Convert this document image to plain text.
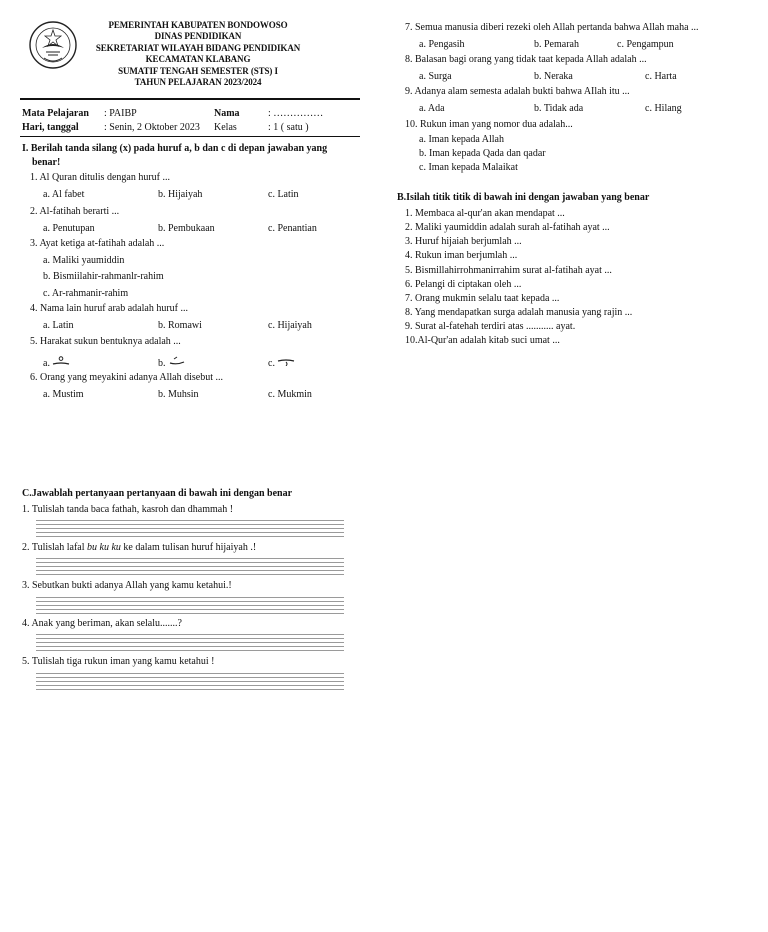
PEMERINTAH KABUPATEN BONDOWOSO
DINAS PENDIDIKAN
SEKRETARIAT WILAYAH BIDANG PENDIDIKAN
KECAMATAN KLABANG
SUMATIF TENGAH SEMESTER (STS) I
TAHUN PELAJARAN 2023/2024
Mata Pelajaran : PAIBP	Nama	: ……………
Hari, tanggal	: Senin, 2 Oktober 2023 Kelas	: 1 ( satu )
I. Berilah tanda silang (x) pada huruf a, b dan c di depan jawaban yang
benar!
1. Al Quran ditulis dengan huruf ...
a. Al fabet	b. Hijaiyah	c. Latin
2. Al-fatihah berarti ...
a. Penutupan	b. Pembukaan	c. Penantian
3. Ayat ketiga at-fatihah adalah ...
a. Maliki yaumiddin
b. Bismiilahir-rahmanlr-rahim
c. Ar-rahmanir-rahim
4. Nama lain huruf arab adalah huruf ...
a. Latin	b. Romawi	c. Hijaiyah
5. Harakat sukun bentuknya adalah ...
a.	b.	c.
6. Orang yang meyakini adanya Allah disebut ...
a. Mustim	b. Muhsin	c. Mukmin
7. Semua manusia diberi rezeki oleh Allah pertanda bahwa Allah maha ...
a. Pengasih	b. Pemarah	c. Pengampun
8. Balasan bagi orang yang tidak taat kepada Allah adalah ...
a. Surga	b. Neraka	c. Harta
9. Adanya alam semesta adalah bukti bahwa AIlah itu ...
a. Ada	b. Tidak ada	c. Hilang
10. Rukun iman yang nomor dua adalah...
a. Iman kepada Allah
b. Iman kepada Qada dan qadar
c. Iman kepada Malaikat
B.Isilah titik titik di bawah ini dengan jawaban yang benar
1. Membaca al-qur'an akan mendapat ...
2. Maliki yaumiddin adalah surah al-fatihah ayat ...
3. Huruf hijaiah berjumlah ...
4. Rukun iman berjumlah ...
5. Bismillahirrohmanirrahim surat al-fatihah ayat ...
6. Pelangi di ciptakan oleh ...
7. Orang mukmin selalu taat kepada ...
8. Yang mendapatkan surga adalah manusia yang rajin ...
9. Surat al-fatehah terdiri atas ........... ayat.
10.Al-Qur'an adalah kitab suci umat ...
C.Jawablah pertanyaan pertanyaan di bawah ini dengan benar
1. Tulislah tanda baca fathah, kasroh dan dhammah !
2. Tulislah lafal bu ku ku ke dalam tulisan huruf hijaiyah .!
3. Sebutkan bukti adanya Allah yang kamu ketahui.!
4. Anak yang beriman, akan selalu.......?
5. Tulislah tiga rukun iman yang kamu ketahui !
